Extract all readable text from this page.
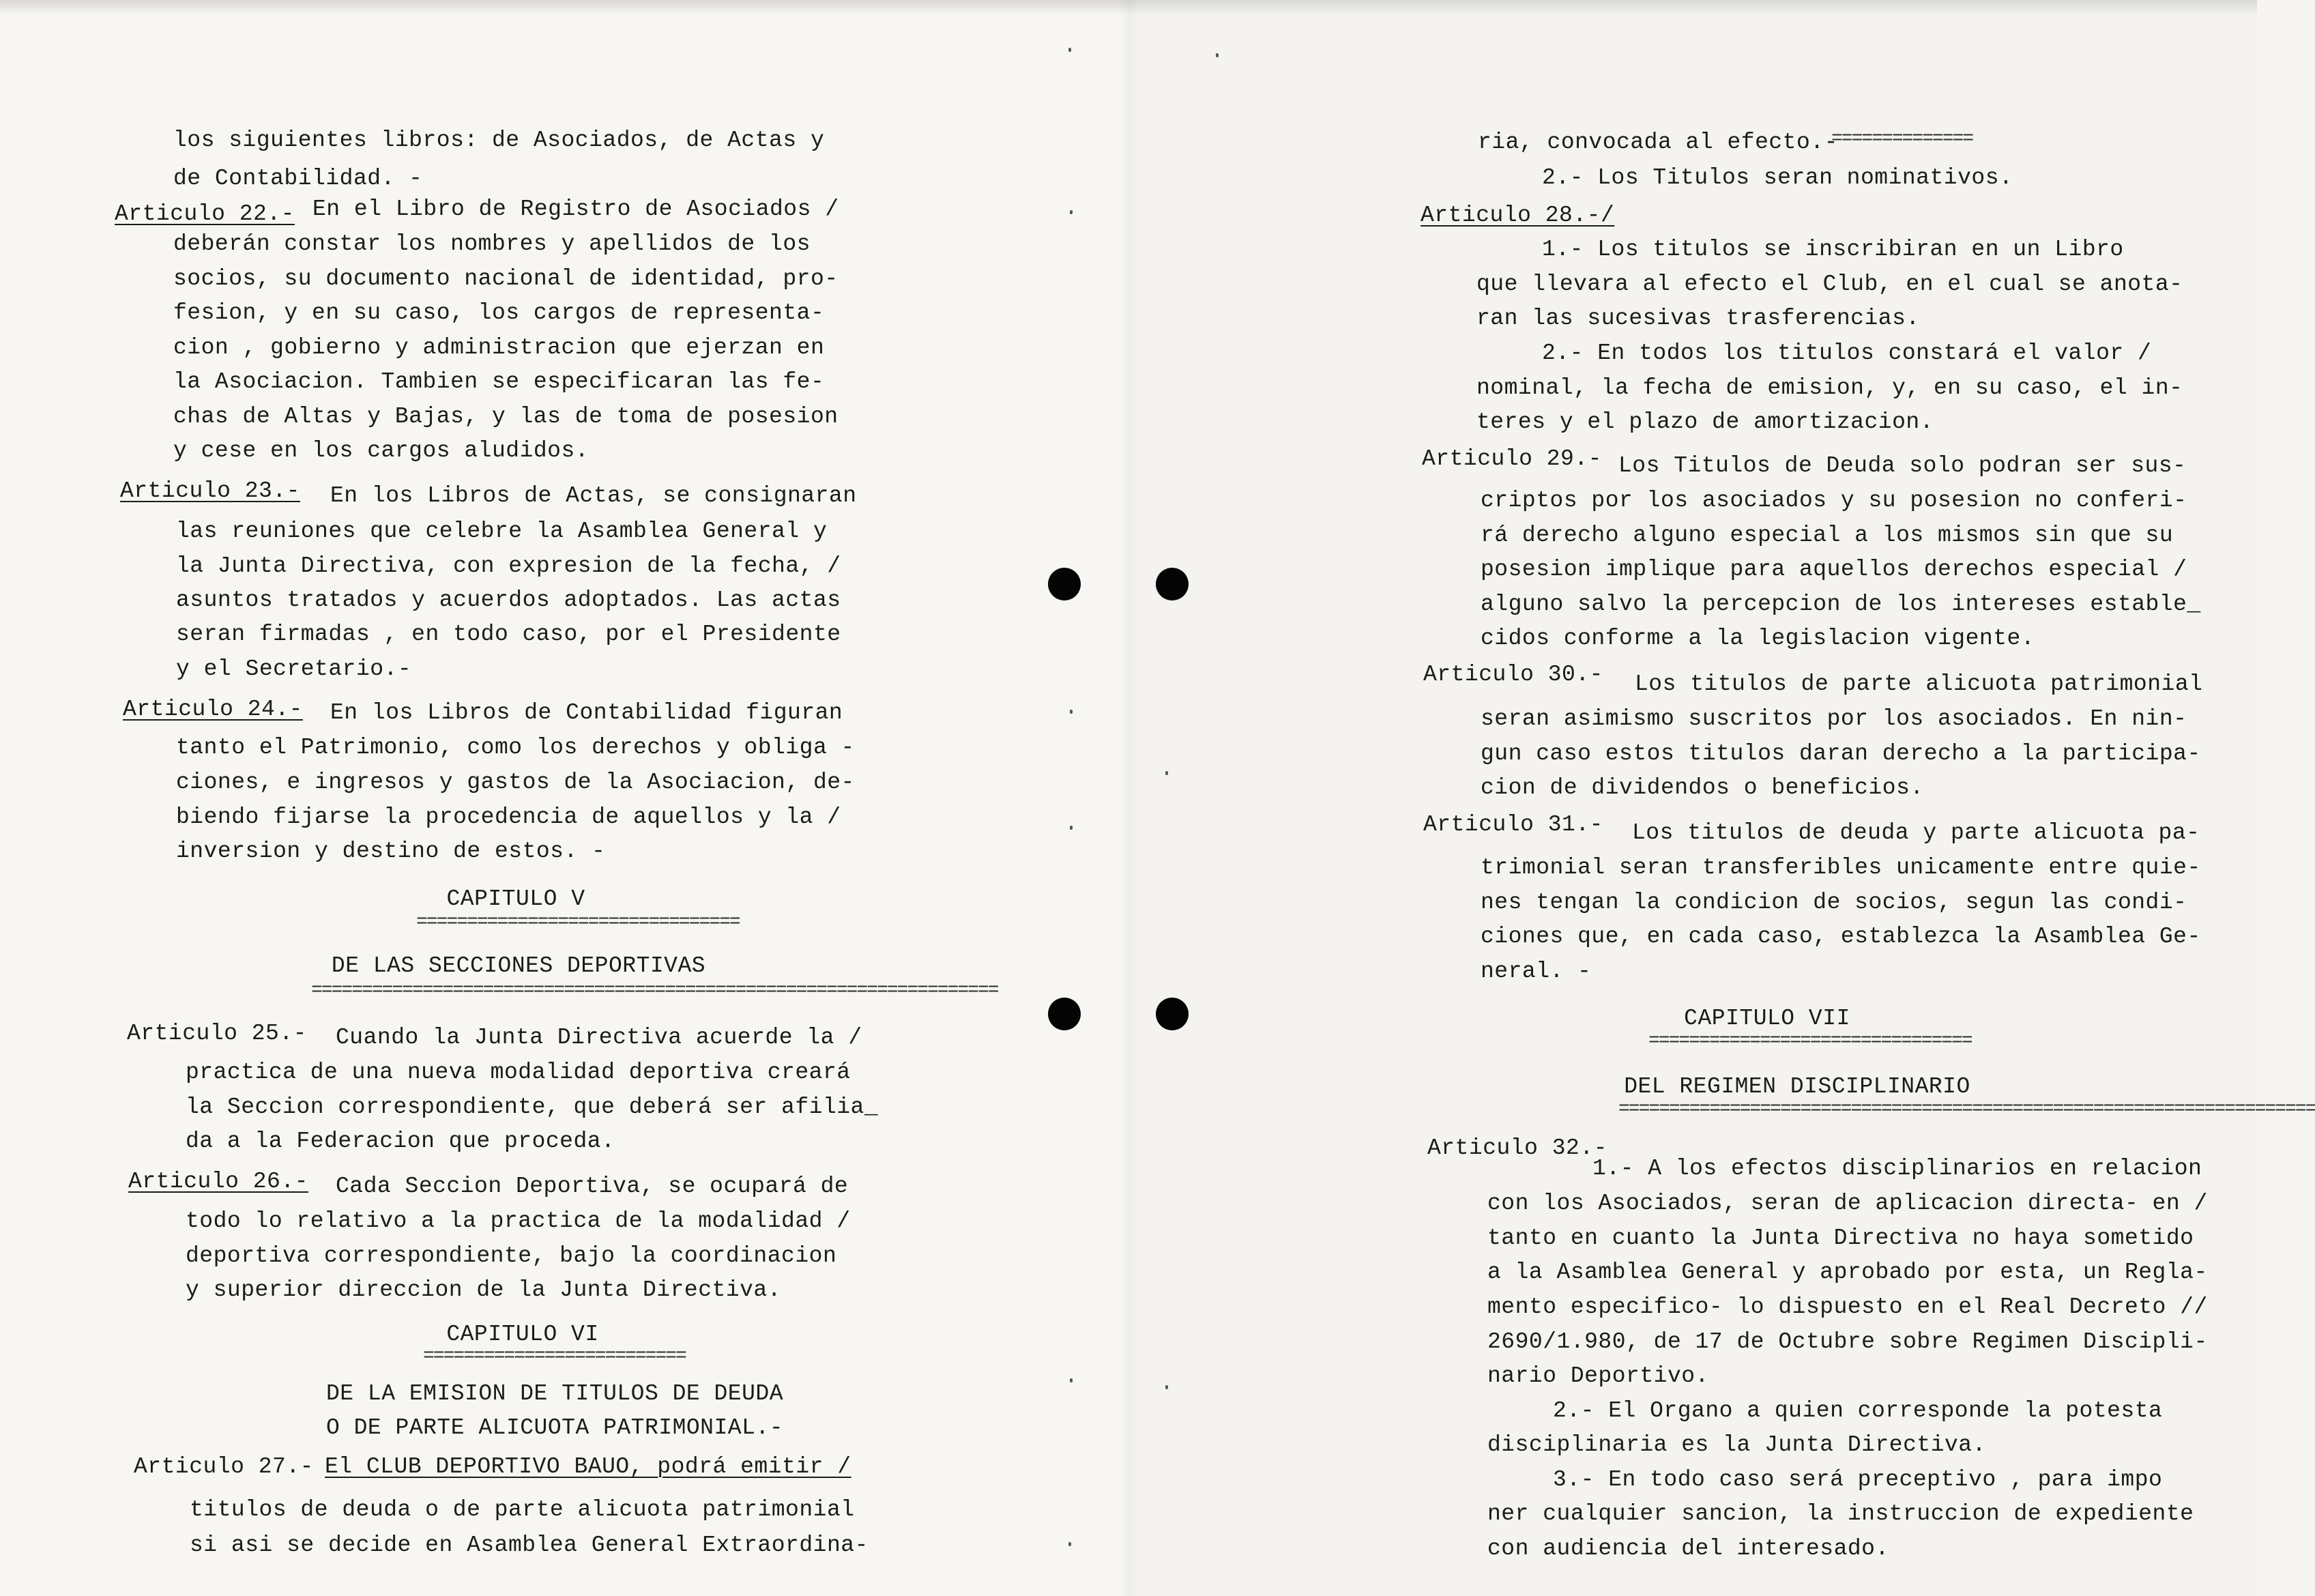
los siguientes libros: de Asociados, de Actas y
de Contabilidad. -
Articulo 22.- En el Libro de Registro de Asociados /
deberán constar los nombres y apellidos de los
socios, su documento nacional de identidad, pro-
fesion, y en su caso, los cargos de representa-
cion , gobierno y administracion que ejerzan en
la Asociacion. Tambien se especificaran las fe-
chas de Altas y Bajas, y las de toma de posesion
y cese en los cargos aludidos.
Articulo 23.- En los Libros de Actas, se consignaran
las reuniones que celebre la Asamblea General y
la Junta Directiva, con expresion de la fecha, /
asuntos tratados y acuerdos adoptados. Las actas
seran firmadas , en todo caso, por el Presidente
y el Secretario.-
Articulo 24.- En los Libros de Contabilidad figuran
tanto el Patrimonio, como los derechos y obliga -
ciones, e ingresos y gastos de la Asociacion, de-
biendo fijarse la procedencia de aquellos y la /
inversion y destino de estos. -
CAPITULO V
================================
DE LAS SECCIONES DEPORTIVAS
====================================================================
Articulo 25.- Cuando la Junta Directiva acuerde la /
practica de una nueva modalidad deportiva creará
la Seccion correspondiente, que deberá ser afilia_
da a la Federacion que proceda.
Articulo 26.- Cada Seccion Deportiva, se ocupará de
todo lo relativo a la practica de la modalidad /
deportiva correspondiente, bajo la coordinacion
y superior direccion de la Junta Directiva.
CAPITULO VI
==========================
DE LA EMISION DE TITULOS DE DEUDA
O DE PARTE ALICUOTA PATRIMONIAL.-
Articulo 27.- El CLUB DEPORTIVO BAUO, podrá emitir /
titulos de deuda o de parte alicuota patrimonial
si asi se decide en Asamblea General Extraordina-
ria, convocada al efecto.-
==============
2.- Los Titulos seran nominativos.
Articulo 28.-/
1.- Los titulos se inscribiran en un Libro
que llevara al efecto el Club, en el cual se anota-
ran las sucesivas trasferencias.
2.- En todos los titulos constará el valor /
nominal, la fecha de emision, y, en su caso, el in-
teres y el plazo de amortizacion.
Articulo 29.- Los Titulos de Deuda solo podran ser sus-
criptos por los asociados y su posesion no conferi-
rá derecho alguno especial a los mismos sin que su
posesion implique para aquellos derechos especial /
alguno salvo la percepcion de los intereses estable_
cidos conforme a la legislacion vigente.
Articulo 30.- Los titulos de parte alicuota patrimonial
seran asimismo suscritos por los asociados. En nin-
gun caso estos titulos daran derecho a la participa-
cion de dividendos o beneficios.
Articulo 31.- Los titulos de deuda y parte alicuota pa-
trimonial seran transferibles unicamente entre quie-
nes tengan la condicion de socios, segun las condi-
ciones que, en cada caso, establezca la Asamblea Ge-
neral. -
CAPITULO VII
================================
DEL REGIMEN DISCIPLINARIO
=====================================================================
Articulo 32.-
1.- A los efectos disciplinarios en relacion
con los Asociados, seran de aplicacion directa- en /
tanto en cuanto la Junta Directiva no haya sometido
a la Asamblea General y aprobado por esta, un Regla-
mento especifico- lo dispuesto en el Real Decreto //
2690/1.980, de 17 de Octubre sobre Regimen Discipli-
nario Deportivo.
2.- El Organo a quien corresponde la potesta
disciplinaria es la Junta Directiva.
3.- En todo caso será preceptivo , para impo
ner cualquier sancion, la instruccion de expediente
con audiencia del interesado.
